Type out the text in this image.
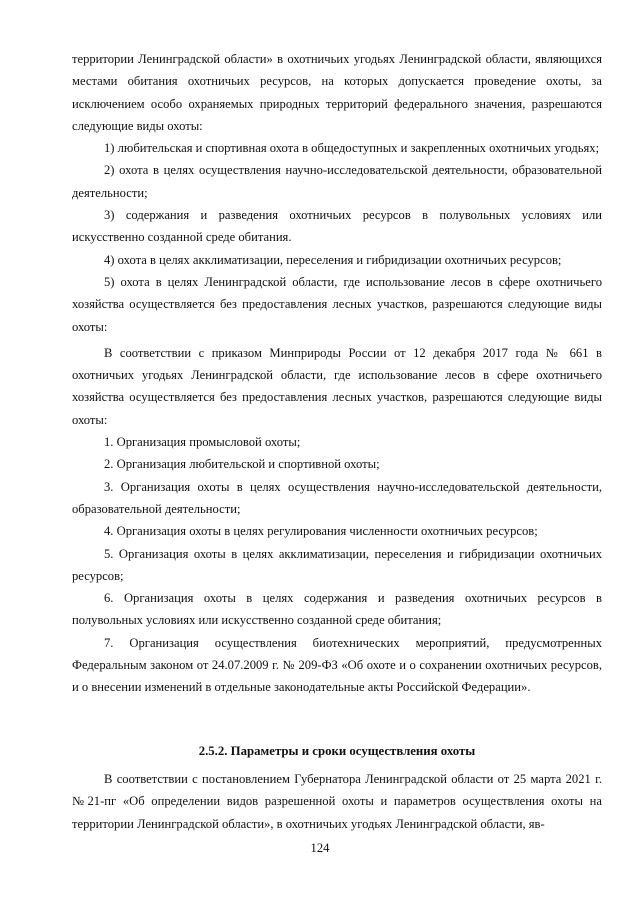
территории Ленинградской области» в охотничьих угодьях Ленинградской области, являющихся местами обитания охотничьих ресурсов, на которых допускается проведение охоты, за исключением особо охраняемых природных территорий федерального значения, разрешаются следующие виды охоты:

1) любительская и спортивная охота в общедоступных и закрепленных охотничьих угодьях;

2) охота в целях осуществления научно-исследовательской деятельности, образовательной деятельности;

3) содержания и разведения охотничьих ресурсов в полувольных условиях или искусственно созданной среде обитания.

4) охота в целях акклиматизации, переселения и гибридизации охотничьих ресурсов;

5) охота в целях Ленинградской области, где использование лесов в сфере охотничьего хозяйства осуществляется без предоставления лесных участков, разрешаются следующие виды охоты:

В соответствии с приказом Минприроды России от 12 декабря 2017 года № 661 в охотничьих угодьях Ленинградской области, где использование лесов в сфере охотничьего хозяйства осуществляется без предоставления лесных участков, разрешаются следующие виды охоты:

1. Организация промысловой охоты;

2. Организация любительской и спортивной охоты;

3. Организация охоты в целях осуществления научно-исследовательской деятельности, образовательной деятельности;

4. Организация охоты в целях регулирования численности охотничьих ресурсов;

5. Организация охоты в целях акклиматизации, переселения и гибридизации охотничьих ресурсов;

6. Организация охоты в целях содержания и разведения охотничьих ресурсов в полувольных условиях или искусственно созданной среде обитания;

7. Организация осуществления биотехнических мероприятий, предусмотренных Федеральным законом от 24.07.2009 г. № 209-ФЗ «Об охоте и о сохранении охотничьих ресурсов, и о внесении изменений в отдельные законодательные акты Российской Федерации».

2.5.2. Параметры и сроки осуществления охоты

В соответствии с постановлением Губернатора Ленинградской области от 25 марта 2021 г. №21-пг «Об определении видов разрешенной охоты и параметров осуществления охоты на территории Ленинградской области», в охотничьих угодьях Ленинградской области, яв-

124
